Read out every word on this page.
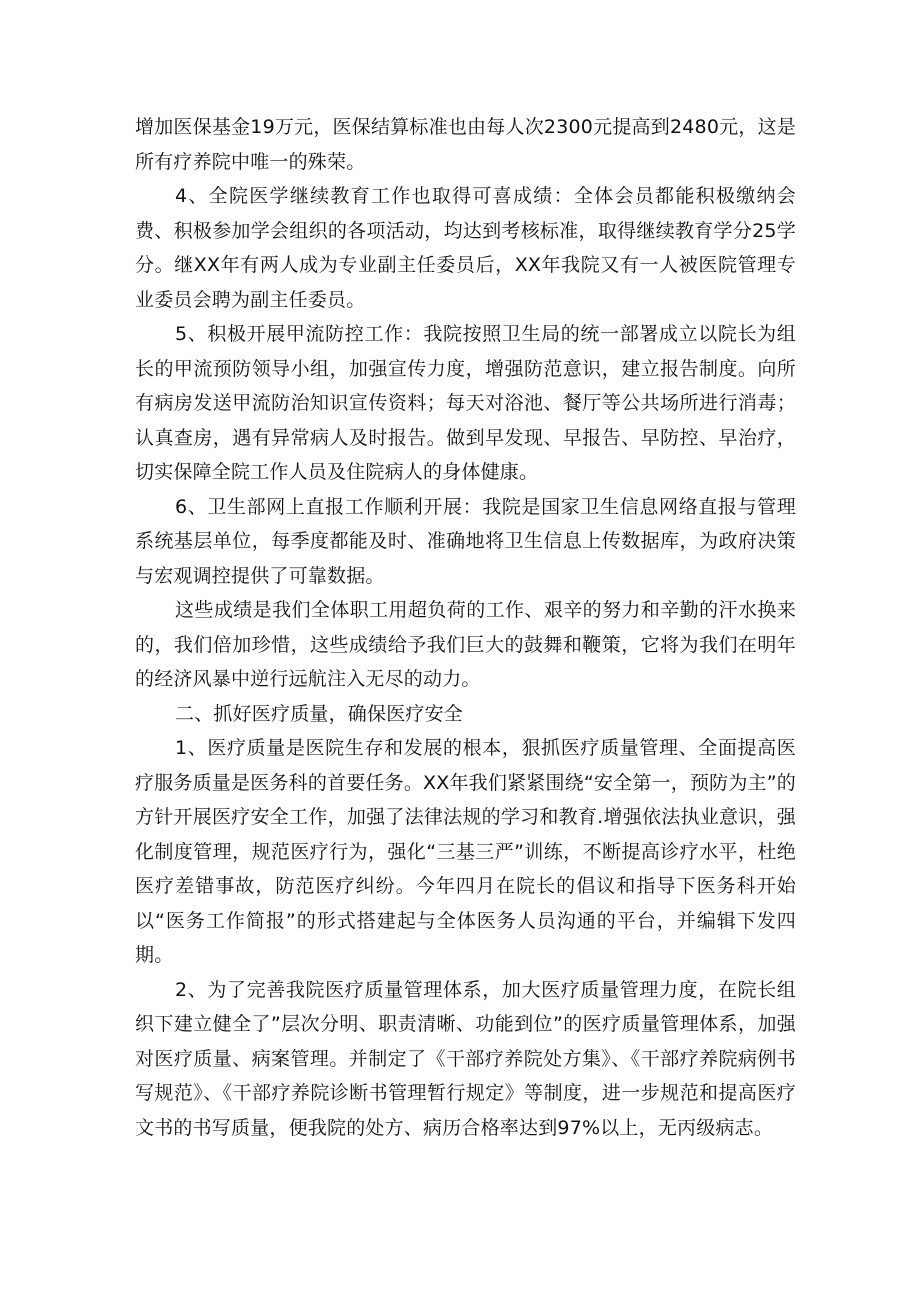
增加医保基金19万元，医保结算标准也由每人次2300元提高到2480元，这是所有疗养院中唯一的殊荣。

4、全院医学继续教育工作也取得可喜成绩：全体会员都能积极缴纳会费、积极参加学会组织的各项活动，均达到考核标准，取得继续教育学分25学分。继XX年有两人成为专业副主任委员后，XX年我院又有一人被医院管理专业委员会聘为副主任委员。

5、积极开展甲流防控工作：我院按照卫生局的统一部署成立以院长为组长的甲流预防领导小组，加强宣传力度，增强防范意识，建立报告制度。向所有病房发送甲流防治知识宣传资料；每天对浴池、餐厅等公共场所进行消毒；认真查房，遇有异常病人及时报告。做到早发现、早报告、早防控、早治疗，切实保障全院工作人员及住院病人的身体健康。

6、卫生部网上直报工作顺利开展：我院是国家卫生信息网络直报与管理系统基层单位，每季度都能及时、准确地将卫生信息上传数据库，为政府决策与宏观调控提供了可靠数据。

这些成绩是我们全体职工用超负荷的工作、艰辛的努力和辛勤的汗水换来的，我们倍加珍惜，这些成绩给予我们巨大的鼓舞和鞭策，它将为我们在明年的经济风暴中逆行远航注入无尽的动力。

二、抓好医疗质量，确保医疗安全

1、医疗质量是医院生存和发展的根本，狠抓医疗质量管理、全面提高医疗服务质量是医务科的首要任务。XX年我们紧紧围绕“安全第一，预防为主”的方针开展医疗安全工作，加强了法律法规的学习和教育.增强依法执业意识，强化制度管理，规范医疗行为，强化“三基三严”训练，不断提高诊疗水平，杜绝医疗差错事故，防范医疗纠纷。今年四月在院长的倡议和指导下医务科开始以“医务工作简报”的形式搭建起与全体医务人员沟通的平台，并编辑下发四期。

2、为了完善我院医疗质量管理体系，加大医疗质量管理力度，在院长组织下建立健全了”层次分明、职责清晰、功能到位”的医疗质量管理体系，加强对医疗质量、病案管理。并制定了《干部疗养院处方集》、《干部疗养院病例书写规范》、《干部疗养院诊断书管理暂行规定》等制度，进一步规范和提高医疗文书的书写质量，便我院的处方、病历合格率达到97%以上，无丙级病志。
